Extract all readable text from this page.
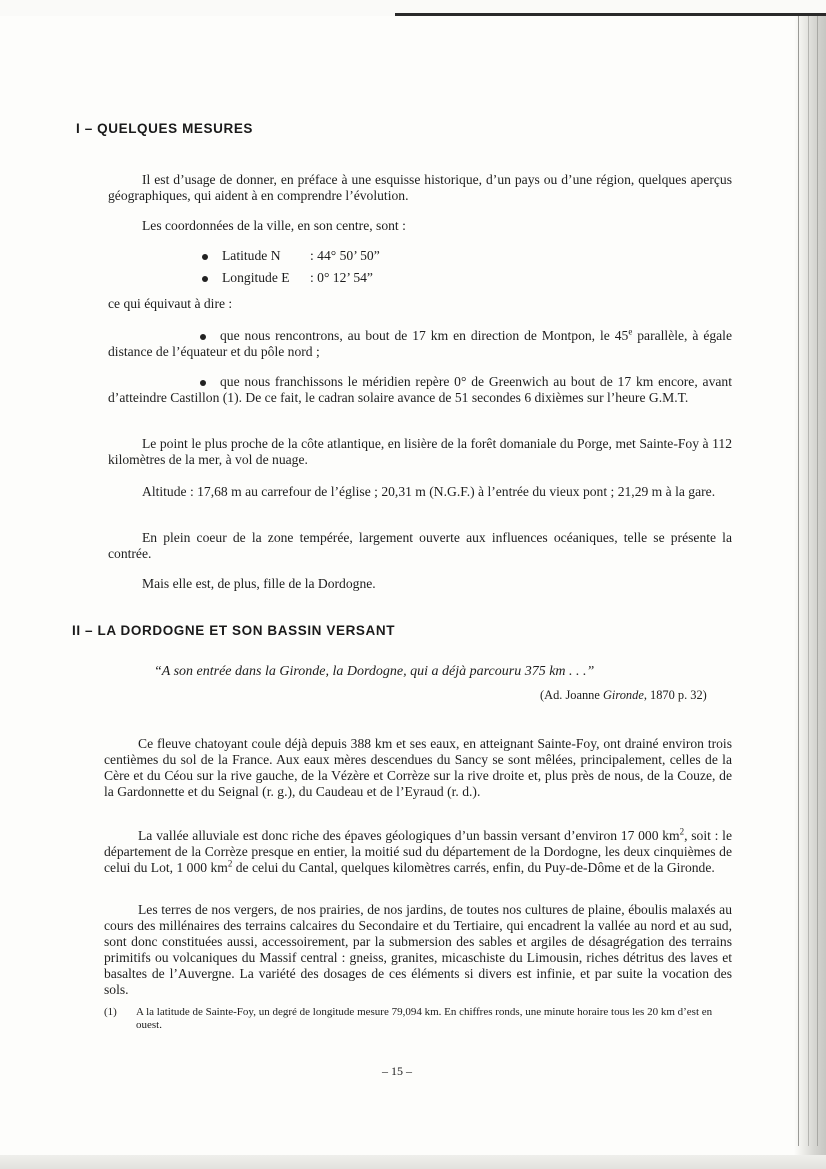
I – QUELQUES MESURES

Il est d’usage de donner, en préface à une esquisse historique, d’un pays ou d’une région, quelques aperçus géographiques, qui aident à en comprendre l’évolution.

Les coordonnées de la ville, en son centre, sont :

Latitude N : 44° 50’ 50”
Longitude E : 0° 12’ 54”

ce qui équivaut à dire :

que nous rencontrons, au bout de 17 km en direction de Montpon, le 45e parallèle, à égale distance de l’équateur et du pôle nord ;

que nous franchissons le méridien repère 0° de Greenwich au bout de 17 km encore, avant d’atteindre Castillon (1). De ce fait, le cadran solaire avance de 51 secondes 6 dixièmes sur l’heure G.M.T.

Le point le plus proche de la côte atlantique, en lisière de la forêt domaniale du Porge, met Sainte-Foy à 112 kilomètres de la mer, à vol de nuage.

Altitude : 17,68 m au carrefour de l’église ; 20,31 m (N.G.F.) à l’entrée du vieux pont ; 21,29 m à la gare.

En plein coeur de la zone tempérée, largement ouverte aux influences océaniques, telle se présente la contrée.

Mais elle est, de plus, fille de la Dordogne.

II – LA DORDOGNE ET SON BASSIN VERSANT

“A son entrée dans la Gironde, la Dordogne, qui a déjà parcouru 375 km . . .”

(Ad. Joanne Gironde, 1870 p. 32)

Ce fleuve chatoyant coule déjà depuis 388 km et ses eaux, en atteignant Sainte-Foy, ont drainé environ trois centièmes du sol de la France. Aux eaux mères descendues du Sancy se sont mêlées, principalement, celles de la Cère et du Céou sur la rive gauche, de la Vézère et Corrèze sur la rive droite et, plus près de nous, de la Couze, de la Gardonnette et du Seignal (r. g.), du Caudeau et de l’Eyraud (r. d.).

La vallée alluviale est donc riche des épaves géologiques d’un bassin versant d’environ 17 000 $km^2$, soit : le département de la Corrèze presque en entier, la moitié sud du département de la Dordogne, les deux cinquièmes de celui du Lot, 1 000 $km^2$ de celui du Cantal, quelques kilomètres carrés, enfin, du Puy-de-Dôme et de la Gironde.

Les terres de nos vergers, de nos prairies, de nos jardins, de toutes nos cultures de plaine, éboulis malaxés au cours des millénaires des terrains calcaires du Secondaire et du Tertiaire, qui encadrent la vallée au nord et au sud, sont donc constituées aussi, accessoirement, par la submersion des sables et argiles de désagrégation des terrains primitifs ou volcaniques du Massif central : gneiss, granites, micaschiste du Limousin, riches détritus des laves et basaltes de l’Auvergne. La variété des dosages de ces éléments si divers est infinie, et par suite la vocation des sols.

(1) A la latitude de Sainte-Foy, un degré de longitude mesure 79,094 km. En chiffres ronds, une minute horaire tous les 20 km d’est en ouest.

– 15 –
